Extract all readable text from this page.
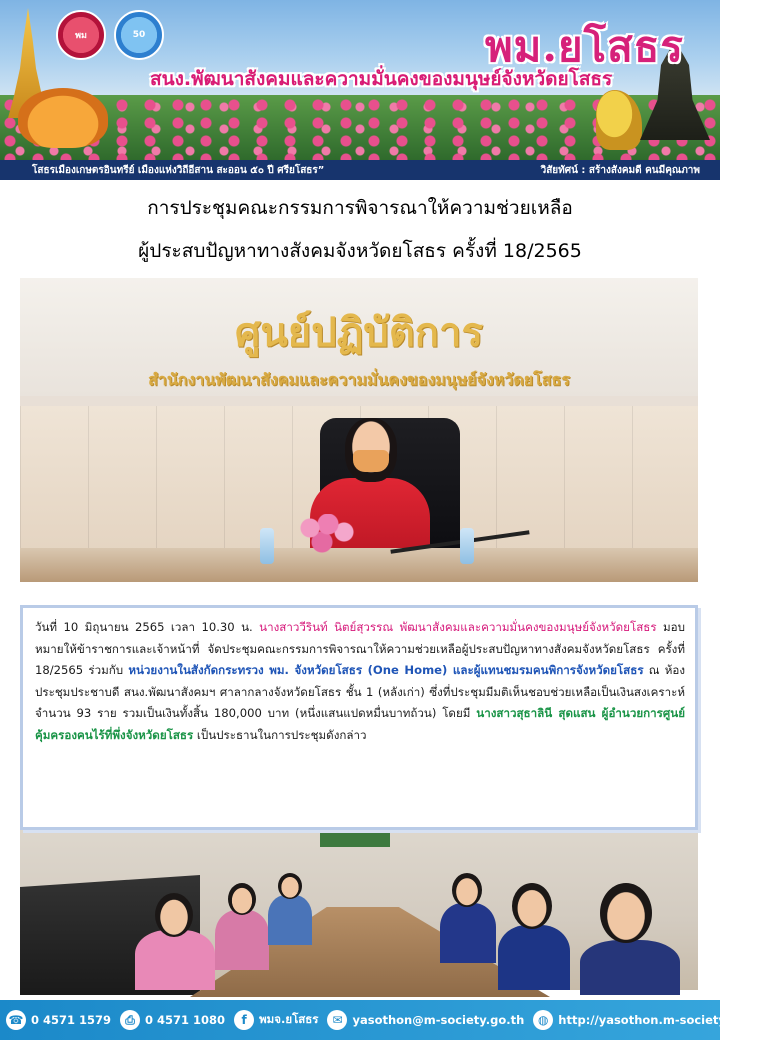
พม	50	พม.ยโสธร
สนง.พัฒนาสังคมและความมั่นคงของมนุษย์จังหวัดยโสธร
โสธรเมืองเกษตรอินทรีย์ เมืองแห่งวิถีอีสาน สะออน ๕๐ ปี ศรียโสธร”	วิสัยทัศน์ : สร้างสังคมดี คนมีคุณภาพ
การประชุมคณะกรรมการพิจารณาให้ความช่วยเหลือ
ผู้ประสบปัญหาทางสังคมจังหวัดยโสธร ครั้งที่ 18/2565
ศูนย์ปฏิบัติการ
สำนักงานพัฒนาสังคมและความมั่นคงของมนุษย์จังหวัดยโสธร
วันที่ 10 มิถุนายน 2565 เวลา 10.30 น. นางสาววีรินท์ นิตย์สุวรรณ พัฒนาสังคมและความมั่นคงของมนุษย์จังหวัดยโสธร มอบหมายให้ข้าราชการและเจ้าหน้าที่ จัดประชุมคณะกรรมการพิจารณาให้ความช่วยเหลือผู้ประสบปัญหาทางสังคมจังหวัดยโสธร ครั้งที่ 18/2565 ร่วมกับ หน่วยงานในสังกัดกระทรวง พม. จังหวัดยโสธร (One Home) และผู้แทนชมรมคนพิการจังหวัดยโสธร ณ ห้องประชุมประชาบดี สนง.พัฒนาสังคมฯ ศาลากลางจังหวัดยโสธร ชั้น 1 (หลังเก่า) ซึ่งที่ประชุมมีมติเห็นชอบช่วยเหลือเป็นเงินสงเคราะห์ จำนวน 93 ราย รวมเป็นเงินทั้งสิ้น 180,000 บาท (หนึ่งแสนแปดหมื่นบาทถ้วน) โดยมี นางสาวสุธาลินี สุดแสน ผู้อำนวยการศูนย์คุ้มครองคนไร้ที่พึ่งจังหวัดยโสธร เป็นประธานในการประชุมดังกล่าว
☎ 0 4571 1579	⎙ 0 4571 1080	f	พมจ.ยโสธร	✉ yasothon@m-society.go.th	◍ http://yasothon.m-society.go.th/
